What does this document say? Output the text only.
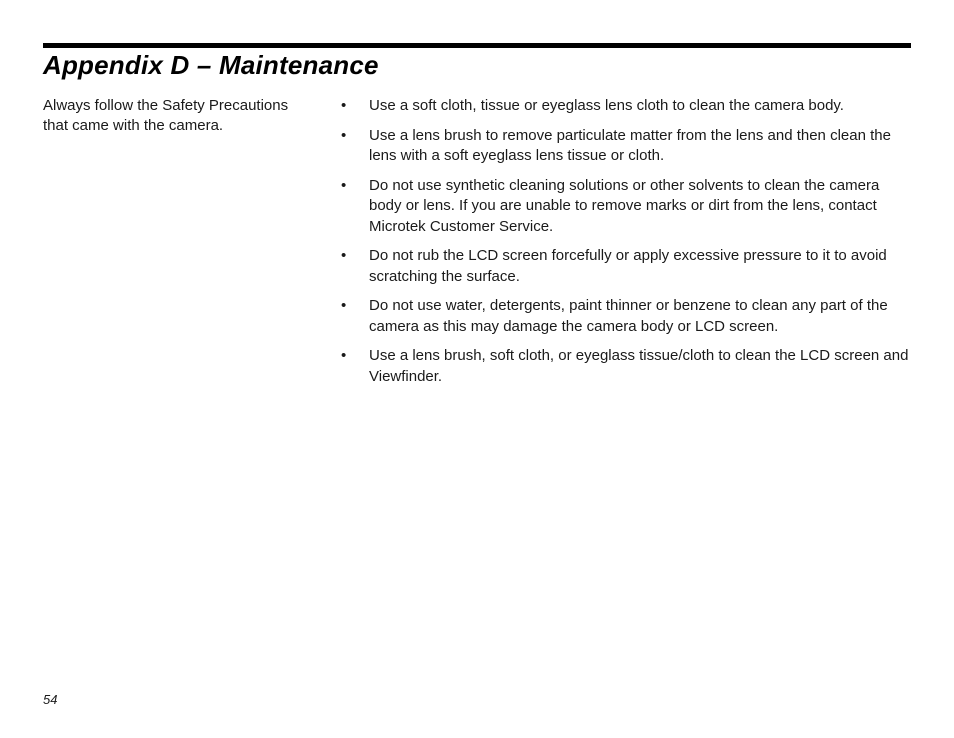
Appendix D – Maintenance

Always follow the Safety Precautions that came with the camera.

• Use a soft cloth, tissue or eyeglass lens cloth to clean the camera body.
• Use a lens brush to remove particulate matter from the lens and then clean the lens with a soft eyeglass lens tissue or cloth.
• Do not use synthetic cleaning solutions or other solvents to clean the camera body or lens. If you are unable to remove marks or dirt from the lens, contact Microtek Customer Service.
• Do not rub the LCD screen forcefully or apply excessive pressure to it to avoid scratching the surface.
• Do not use water, detergents, paint thinner or benzene to clean any part of the camera as this may damage the camera body or LCD screen.
• Use a lens brush, soft cloth, or eyeglass tissue/cloth to clean the LCD screen and Viewfinder.
54
